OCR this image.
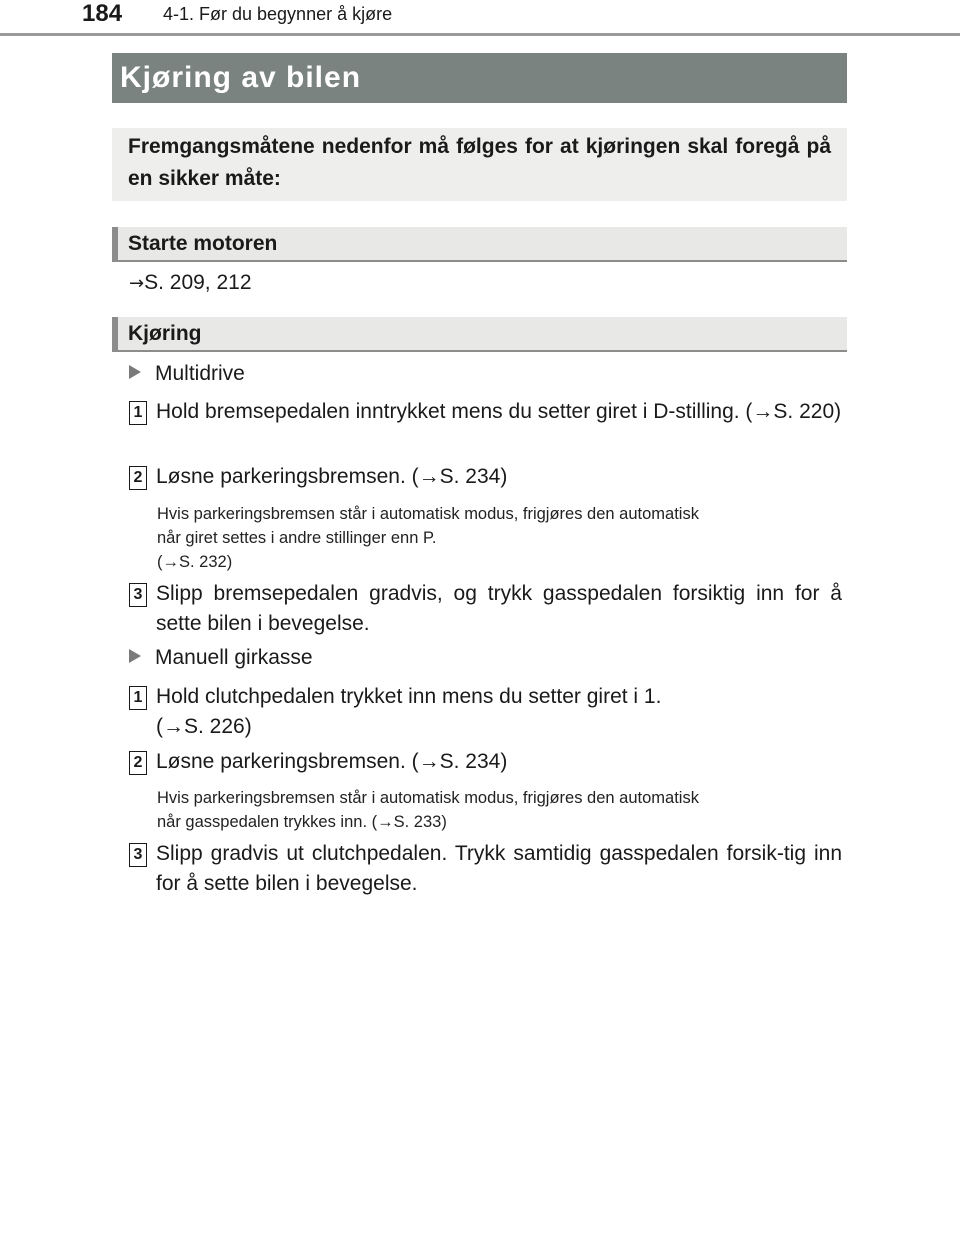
184 4-1. Før du begynner å kjøre
Kjøring av bilen
Fremgangsmåtene nedenfor må følges for at kjøringen skal foregå på en sikker måte:
Starte motoren
→S. 209, 212
Kjøring
Multidrive
1 Hold bremsepedalen inntrykket mens du setter giret i D-stilling. (→S. 220)
2 Løsne parkeringsbremsen. (→S. 234)
Hvis parkeringsbremsen står i automatisk modus, frigjøres den automatisk
når giret settes i andre stillinger enn P.
(→S. 232)
3 Slipp bremsepedalen gradvis, og trykk gasspedalen forsiktig inn for å sette bilen i bevegelse.
Manuell girkasse
1 Hold clutchpedalen trykket inn mens du setter giret i 1.
(→S. 226)
2 Løsne parkeringsbremsen. (→S. 234)
Hvis parkeringsbremsen står i automatisk modus, frigjøres den automatisk
når gasspedalen trykkes inn. (→S. 233)
3 Slipp gradvis ut clutchpedalen. Trykk samtidig gasspedalen forsik-tig inn for å sette bilen i bevegelse.
